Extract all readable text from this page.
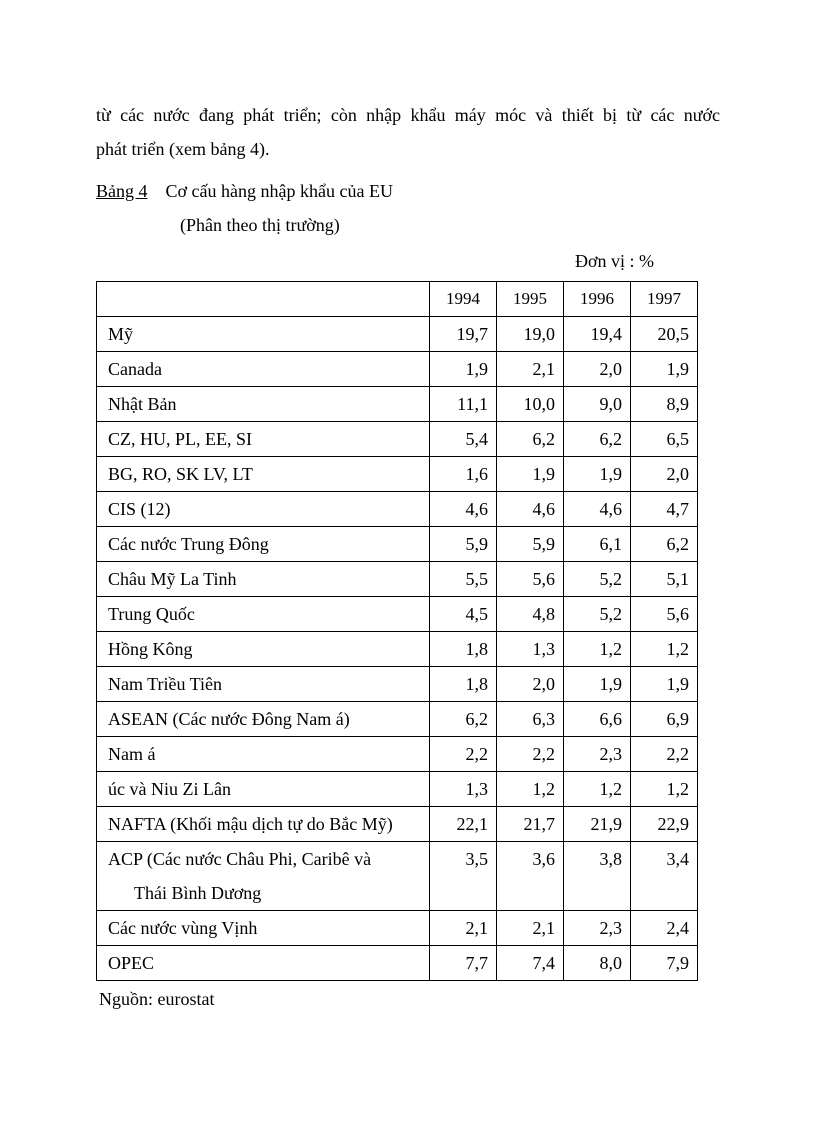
từ các nước đang phát triển; còn nhập khẩu máy móc và thiết bị từ các nước
phát triển (xem bảng 4).
Bảng 4 Cơ cấu hàng nhập khẩu của EU
(Phân theo thị trường)
Đơn vị : %
	1994	1995	1996	1997
Mỹ	19,7	19,0	19,4	20,5
Canada	1,9	2,1	2,0	1,9
Nhật Bản	11,1	10,0	9,0	8,9
CZ, HU, PL, EE, SI	5,4	6,2	6,2	6,5
BG, RO, SK LV, LT	1,6	1,9	1,9	2,0
CIS (12)	4,6	4,6	4,6	4,7
Các nước Trung Đông	5,9	5,9	6,1	6,2
Châu Mỹ La Tinh	5,5	5,6	5,2	5,1
Trung Quốc	4,5	4,8	5,2	5,6
Hồng Kông	1,8	1,3	1,2	1,2
Nam Triều Tiên	1,8	2,0	1,9	1,9
ASEAN (Các nước Đông Nam á)	6,2	6,3	6,6	6,9
Nam á	2,2	2,2	2,3	2,2
úc và Niu Zi Lân	1,3	1,2	1,2	1,2
NAFTA (Khối mậu dịch tự do Bắc Mỹ)	22,1	21,7	21,9	22,9
ACP (Các nước Châu Phi, Caribê và
Thái Bình Dương	3,5	3,6	3,8	3,4
Các nước vùng Vịnh	2,1	2,1	2,3	2,4
OPEC	7,7	7,4	8,0	7,9
Nguồn: eurostat
